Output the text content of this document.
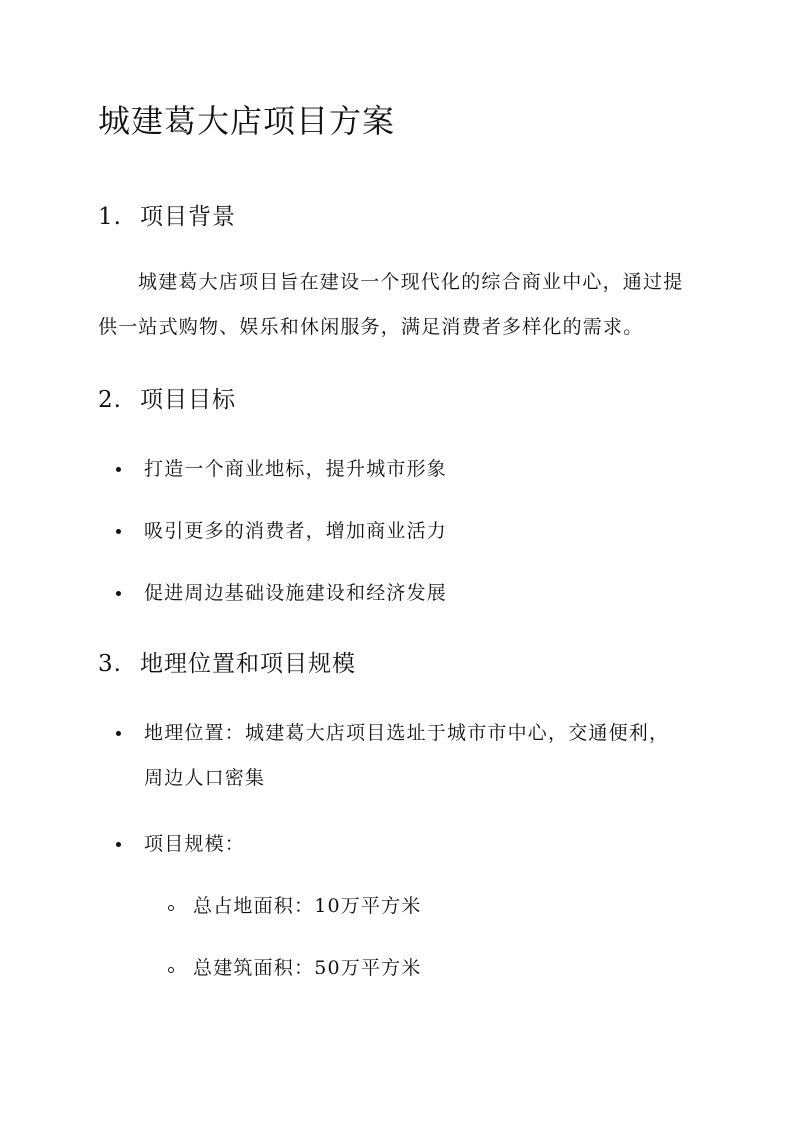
城建葛大店项目方案
1. 项目背景

城建葛大店项目旨在建设一个现代化的综合商业中心，通过提供一站式购物、娱乐和休闲服务，满足消费者多样化的需求。

2. 项目目标
打造一个商业地标，提升城市形象
吸引更多的消费者，增加商业活力
促进周边基础设施建设和经济发展
3. 地理位置和项目规模
地理位置：城建葛大店项目选址于城市市中心，交通便利，周边人口密集
项目规模：
总占地面积：10万平方米
总建筑面积：50万平方米
